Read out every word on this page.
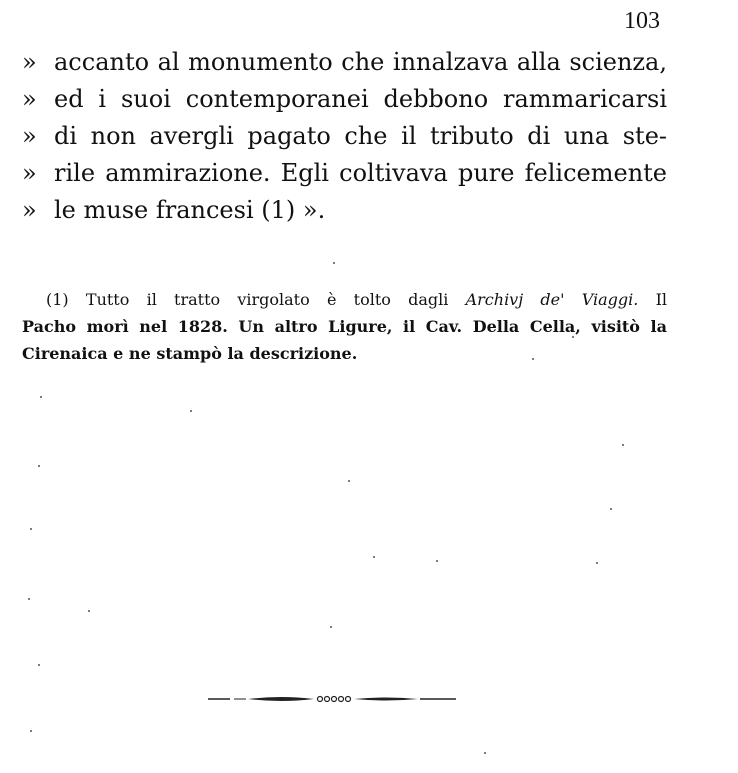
103
» accanto al monumento che innalzava alla scienza,
» ed i suoi contemporanei debbono rammaricarsi
» di non avergli pagato che il tributo di una ste-
» rile ammirazione. Egli coltivava pure felicemente
» le muse francesi (1) ».
(1) Tutto il tratto virgolato è tolto dagli Archivj de' Viaggi. Il
Pacho morì nel 1828. Un altro Ligure, il Cav. Della Cella, visitò la
Cirenaica e ne stampò la descrizione.
